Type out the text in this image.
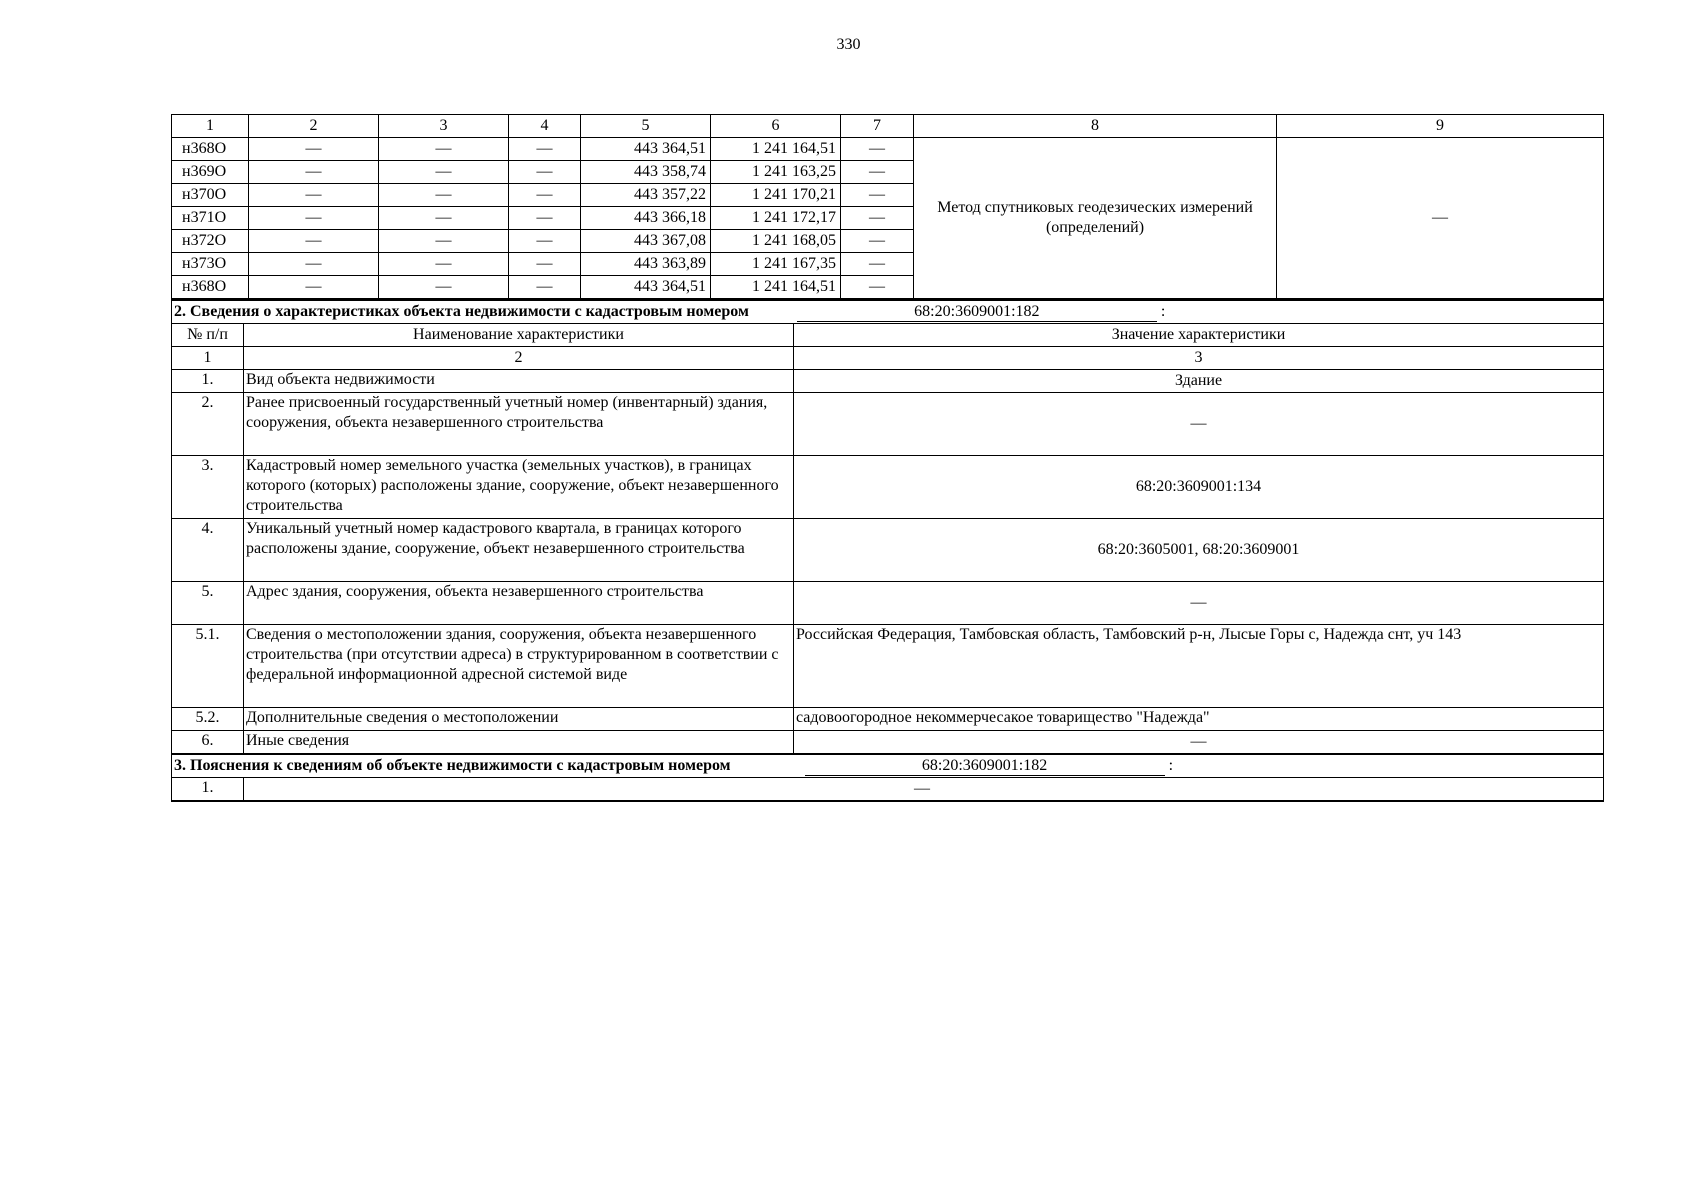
330
1	2	3	4	5	6	7	8	9
н368О	—	—	—	443 364,51	1 241 164,51	—	Метод спутниковых геодезических измерений (определений)	—
н369О	—	—	—	443 358,74	1 241 163,25	—		
н370О	—	—	—	443 357,22	1 241 170,21	—		
н371О	—	—	—	443 366,18	1 241 172,17	—		
н372О	—	—	—	443 367,08	1 241 168,05	—		
н373О	—	—	—	443 363,89	1 241 167,35	—		
н368О	—	—	—	443 364,51	1 241 164,51	—		
2. Сведения о характеристиках объекта недвижимости с кадастровым номером 68:20:3609001:182 :		
№ п/п	Наименование характеристики	Значение характеристики
1	2	3
1.	Вид объекта недвижимости	Здание
2.	Ранее присвоенный государственный учетный номер (инвентарный) здания, сооружения, объекта незавершенного строительства	—
3.	Кадастровый номер земельного участка (земельных участков), в границах которого (которых) расположены здание, сооружение, объект незавершенного строительства	68:20:3609001:134
4.	Уникальный учетный номер кадастрового квартала, в границах которого расположены здание, сооружение, объект незавершенного строительства	68:20:3605001, 68:20:3609001
5.	Адрес здания, сооружения, объекта незавершенного строительства	—
5.1.	Сведения о местоположении здания, сооружения, объекта незавершенного строительства (при отсутствии адреса) в структурированном в соответствии с федеральной информационной адресной системой виде	Российская Федерация, Тамбовская область, Тамбовский р-н, Лысые Горы с, Надежда снт, уч 143
5.2.	Дополнительные сведения о местоположении	садовоогородное некоммерчесакое товарищество "Надежда"
6.	Иные сведения	—
3. Пояснения к сведениям об объекте недвижимости с кадастровым номером 68:20:3609001:182 :		
1.	—	
